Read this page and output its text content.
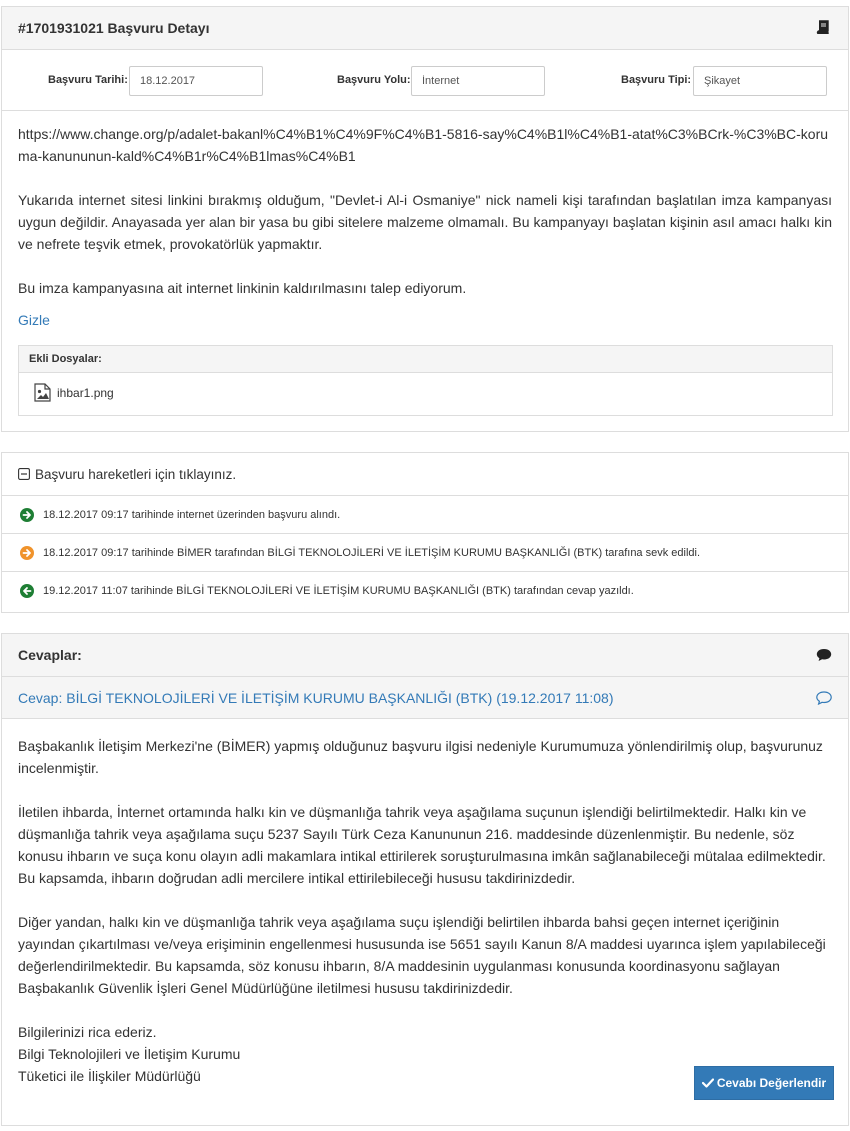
#1701931021 Başvuru Detayı
Başvuru Tarihi:
18.12.2017	Başvuru Yolu:
İnternet	Başvuru Tipi:
Şikayet
https://www.change.org/p/adalet-bakanl%C4%B1%C4%9F%C4%B1-5816-say%C4%B1l%C4%B1-atat%C3%BCrk-%C3%BC-koruma-kanununun-kald%C4%B1r%C4%B1lmas%C4%B1
Yukarıda internet sitesi linkini bırakmış olduğum, "Devlet-i Al-i Osmaniye" nick nameli kişi tarafından başlatılan imza kampanyası uygun değildir. Anayasada yer alan bir yasa bu gibi sitelere malzeme olmamalı. Bu kampanyayı başlatan kişinin asıl amacı halkı kin ve nefrete teşvik etmek, provokatörlük yapmaktır.
Bu imza kampanyasına ait internet linkinin kaldırılmasını talep ediyorum.
Gizle
Ekli Dosyalar:
ihbar1.png
Başvuru hareketleri için tıklayınız.
18.12.2017 09:17 tarihinde internet üzerinden başvuru alındı.
18.12.2017 09:17 tarihinde BİMER tarafından BİLGİ TEKNOLOJİLERİ VE İLETİŞİM KURUMU BAŞKANLIĞI (BTK) tarafına sevk edildi.
19.12.2017 11:07 tarihinde BİLGİ TEKNOLOJİLERİ VE İLETİŞİM KURUMU BAŞKANLIĞI (BTK) tarafından cevap yazıldı.
Cevaplar:
Cevap: BİLGİ TEKNOLOJİLERİ VE İLETİŞİM KURUMU BAŞKANLIĞI (BTK) (19.12.2017 11:08)

Başbakanlık İletişim Merkezi'ne (BİMER) yapmış olduğunuz başvuru ilgisi nedeniyle Kurumumuza yönlendirilmiş olup, başvurunuz incelenmiştir.

İletilen ihbarda, İnternet ortamında halkı kin ve düşmanlığa tahrik veya aşağılama suçunun işlendiği belirtilmektedir. Halkı kin ve düşmanlığa tahrik veya aşağılama suçu 5237 Sayılı Türk Ceza Kanununun 216. maddesinde düzenlenmiştir. Bu nedenle, söz konusu ihbarın ve suça konu olayın adli makamlara intikal ettirilerek soruşturulmasına imkân sağlanabileceği mütalaa edilmektedir. Bu kapsamda, ihbarın doğrudan adli mercilere intikal ettirilebileceği hususu takdirinizdedir.

Diğer yandan, halkı kin ve düşmanlığa tahrik veya aşağılama suçu işlendiği belirtilen ihbarda bahsi geçen internet içeriğinin yayından çıkartılması ve/veya erişiminin engellenmesi hususunda ise 5651 sayılı Kanun 8/A maddesi uyarınca işlem yapılabileceği değerlendirilmektedir. Bu kapsamda, söz konusu ihbarın, 8/A maddesinin uygulanması konusunda koordinasyonu sağlayan Başbakanlık Güvenlik İşleri Genel Müdürlüğüne iletilmesi hususu takdirinizdedir.

Bilgilerinizi rica ederiz.
Bilgi Teknolojileri ve İletişim Kurumu
Tüketici ile İlişkiler Müdürlüğü	Cevabı Değerlendir
